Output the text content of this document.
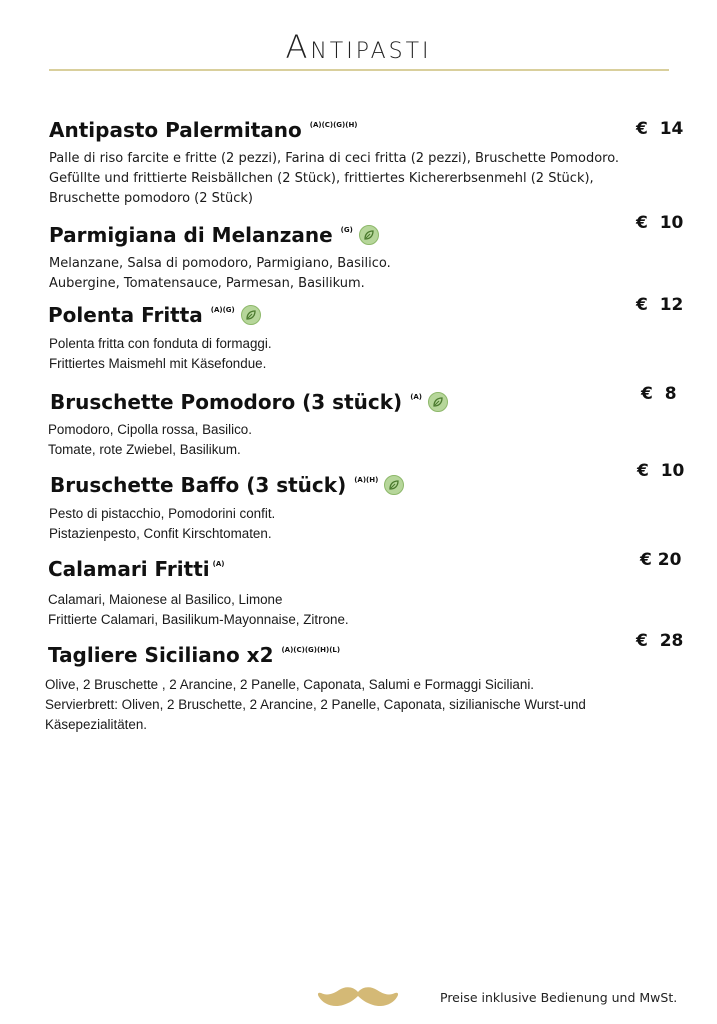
Antipasti
Antipasto Palermitano (A)(C)(G)(H)	€ 14
Palle di riso farcite e fritte (2 pezzi), Farina di ceci fritta (2 pezzi), Bruschette Pomodoro.
Gefüllte und frittierte Reisbällchen (2 Stück), frittiertes Kichererbsenmehl (2 Stück),
Bruschette pomodoro (2 Stück)
Parmigiana di Melanzane (G)	€ 10
Melanzane, Salsa di pomodoro, Parmigiano, Basilico.
Aubergine, Tomatensauce, Parmesan, Basilikum.
Polenta Fritta (A)(G)	€ 12
Polenta fritta con fonduta di formaggi.
Frittiertes Maismehl mit Käsefondue.
Bruschette Pomodoro (3 stück) (A)	€ 8
Pomodoro, Cipolla rossa, Basilico.
Tomate, rote Zwiebel, Basilikum.
Bruschette Baffo (3 stück) (A)(H)	€ 10
Pesto di pistacchio, Pomodorini confit.
Pistazienpesto, Confit Kirschtomaten.
Calamari Fritti (A)	€ 20
Calamari, Maionese al Basilico, Limone
Frittierte Calamari, Basilikum-Mayonnaise, Zitrone.
Tagliere Siciliano x2 (A)(C)(G)(H)(L)	€ 28
Olive, 2 Bruschette , 2 Arancine, 2 Panelle, Caponata, Salumi e Formaggi Siciliani.
Servierbrett: Oliven, 2 Bruschette, 2 Arancine, 2 Panelle, Caponata, sizilianische Wurst-und
Käsepezialitäten.
Preise inklusive Bedienung und MwSt.
